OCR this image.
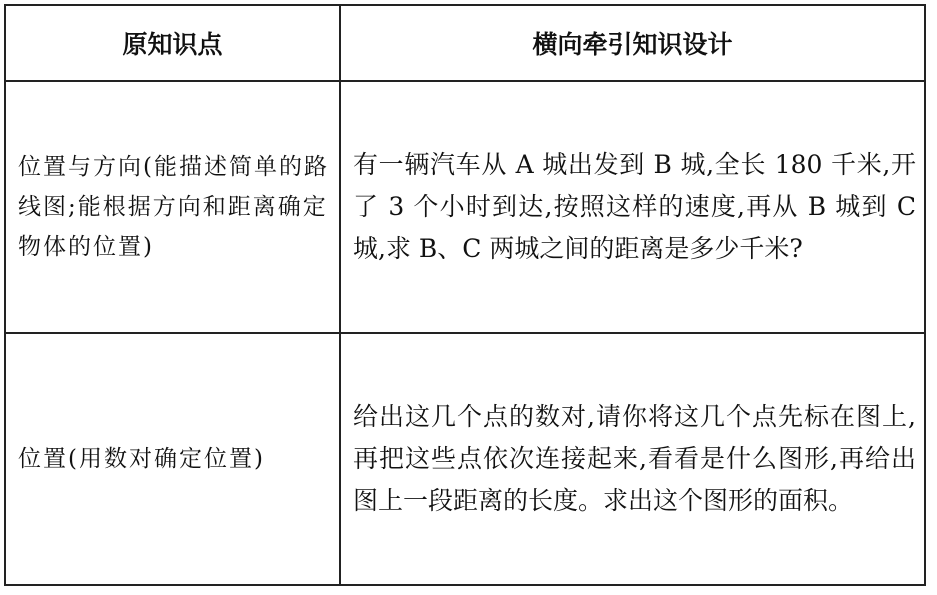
原知识点	横向牵引知识设计
位置与方向(能描述简单的路线图;能根据方向和距离确定物体的位置)	有一辆汽车从 A 城出发到 B 城,全长 180 千米,开了 3 个小时到达,按照这样的速度,再从 B 城到 C 城,求 B、C 两城之间的距离是多少千米?
位置(用数对确定位置)	给出这几个点的数对,请你将这几个点先标在图上,再把这些点依次连接起来,看看是什么图形,再给出图上一段距离的长度。求出这个图形的面积。
